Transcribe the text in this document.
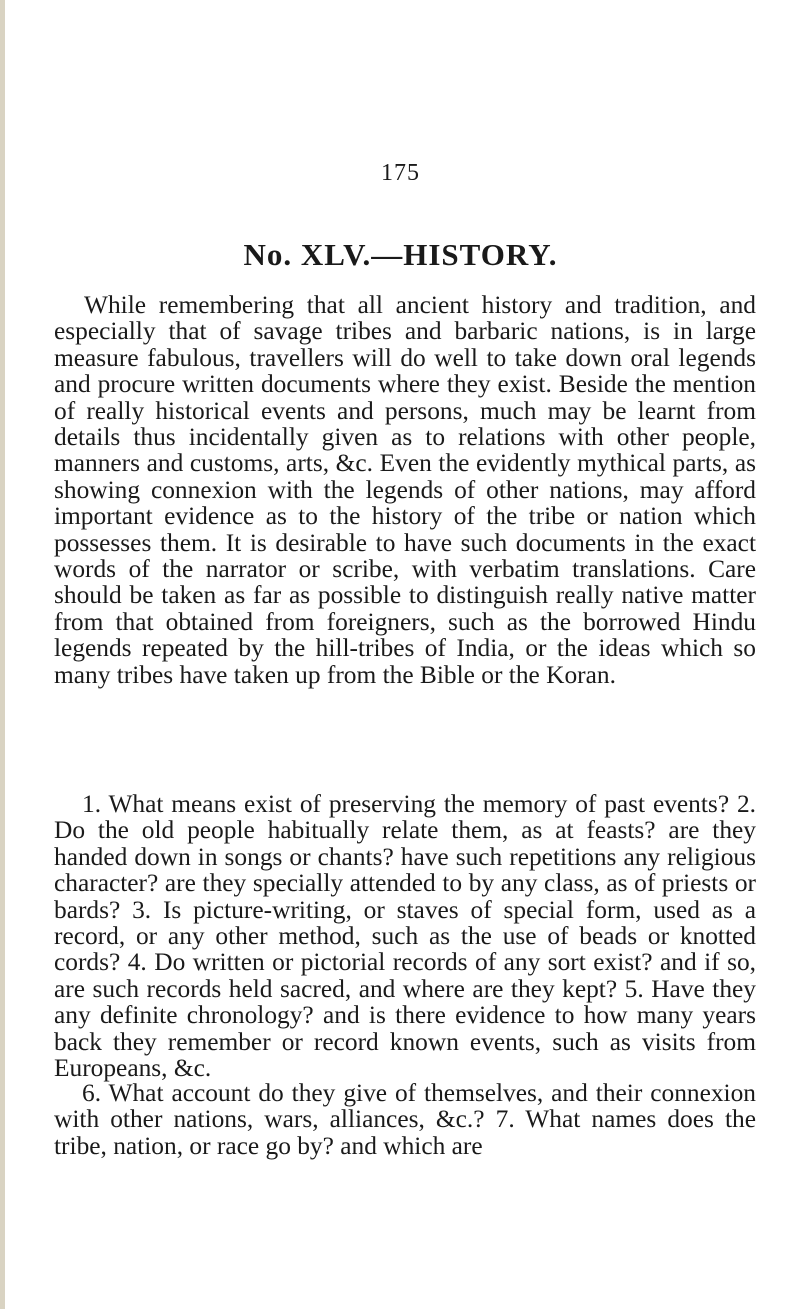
175
No. XLV.—HISTORY.

While remembering that all ancient history and tradition, and especially that of savage tribes and barbaric nations, is in large measure fabulous, travellers will do well to take down oral legends and procure written documents where they exist. Beside the mention of really historical events and persons, much may be learnt from details thus incidentally given as to relations with other people, manners and customs, arts, &c. Even the evidently mythical parts, as showing connexion with the legends of other nations, may afford important evidence as to the history of the tribe or nation which possesses them. It is desirable to have such documents in the exact words of the narrator or scribe, with verbatim translations. Care should be taken as far as possible to distinguish really native matter from that obtained from foreigners, such as the borrowed Hindu legends repeated by the hill-tribes of India, or the ideas which so many tribes have taken up from the Bible or the Koran.

1. What means exist of preserving the memory of past events? 2. Do the old people habitually relate them, as at feasts? are they handed down in songs or chants? have such repetitions any religious character? are they specially attended to by any class, as of priests or bards? 3. Is picture-writing, or staves of special form, used as a record, or any other method, such as the use of beads or knotted cords? 4. Do written or pictorial records of any sort exist? and if so, are such records held sacred, and where are they kept? 5. Have they any definite chronology? and is there evidence to how many years back they remember or record known events, such as visits from Europeans, &c.

6. What account do they give of themselves, and their connexion with other nations, wars, alliances, &c.? 7. What names does the tribe, nation, or race go by? and which are
